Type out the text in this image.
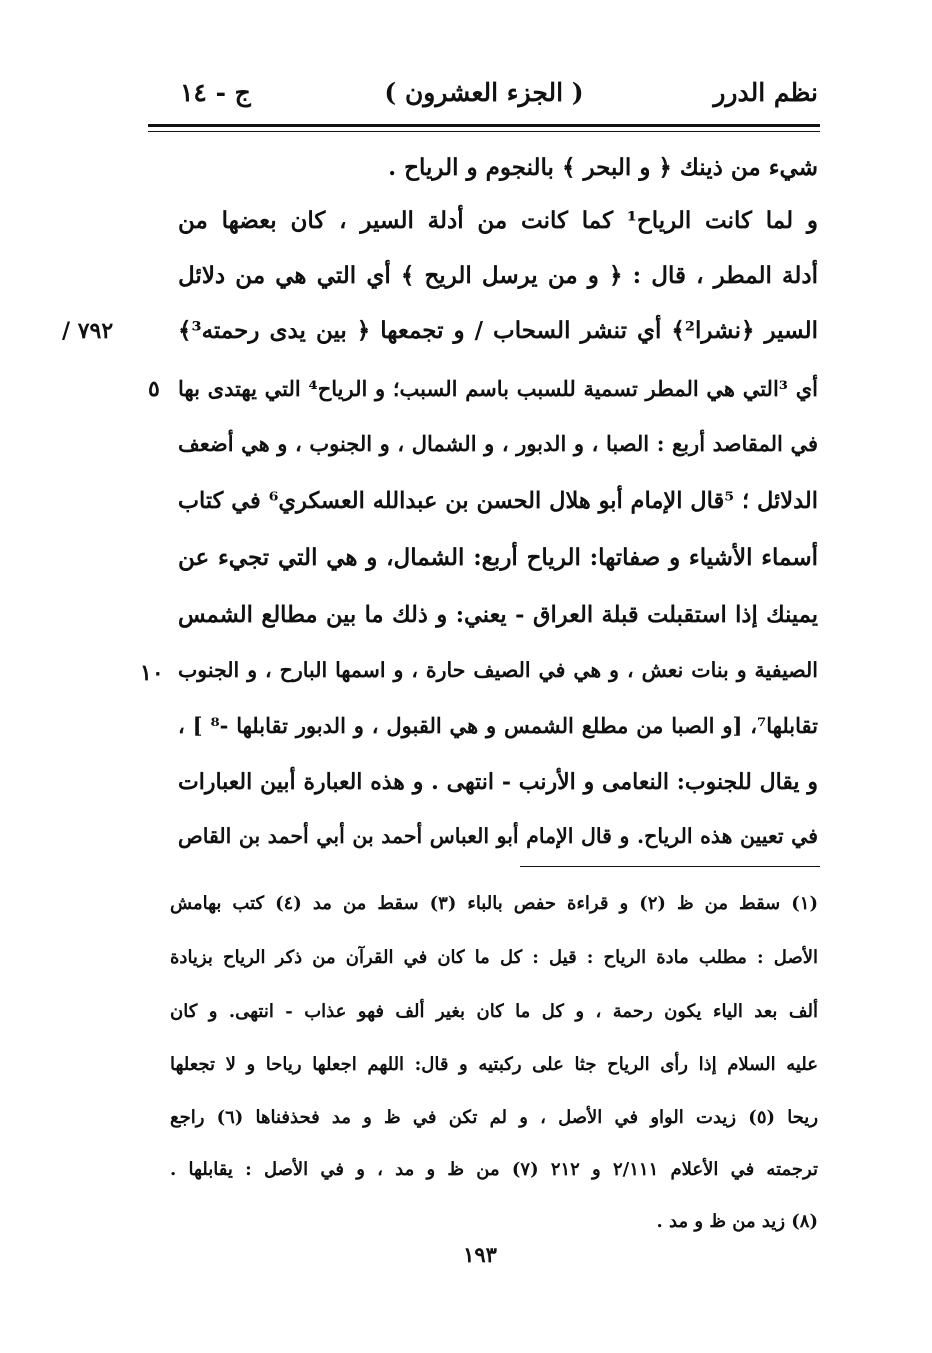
نظم الدرر
( الجزء العشرون )
ج - ١٤
شيء من ذينك ﴿ و البحر ﴾ بالنجوم و الرياح .
و لما كانت الرياح¹ كما كانت من أدلة السير ، كان بعضها من
أدلة المطر ، قال : ﴿ و من يرسل الريح ﴾ أي التي هي من دلائل
السير ﴿نشرا²﴾ أي تنشر السحاب / و تجمعها ﴿ بين يدى رحمته³﴾
أي ³التي هي المطر تسمية للسبب باسم السبب؛ و الرياح⁴ التي يهتدى بها
في المقاصد أربع : الصبا ، و الدبور ، و الشمال ، و الجنوب ، و هي أضعف
الدلائل ؛ ⁵قال الإمام أبو هلال الحسن بن عبدالله العسكري⁶ في كتاب
أسماء الأشياء و صفاتها: الرياح أربع: الشمال، و هي التي تجيء عن
يمينك إذا استقبلت قبلة العراق - يعني: و ذلك ما بين مطالع الشمس
الصيفية و بنات نعش ، و هي في الصيف حارة ، و اسمها البارح ، و الجنوب
تقابلها⁷، [و الصبا من مطلع الشمس و هي القبول ، و الدبور تقابلها -⁸ ] ،
و يقال للجنوب: النعامى و الأرنب - انتهى . و هذه العبارة أبين العبارات
في تعيين هذه الرياح. و قال الإمام أبو العباس أحمد بن أبي أحمد بن القاص
/ ٧٩٢
٥
١٠
(١) سقط من ظ (٢) و قراءة حفص بالباء (٣) سقط من مد (٤) كتب بهامش
الأصل : مطلب مادة الرياح : قيل : كل ما كان في القرآن من ذكر الرياح بزيادة
ألف بعد الياء يكون رحمة ، و كل ما كان بغير ألف فهو عذاب - انتهى. و كان
عليه السلام إذا رأى الرياح جثا على ركبتيه و قال: اللهم اجعلها رياحا و لا تجعلها
ريحا (٥) زيدت الواو في الأصل ، و لم تكن في ظ و مد فحذفناها (٦) راجع
ترجمته في الأعلام ٢/١١١ و ٢١٢ (٧) من ظ و مد ، و في الأصل : يقابلها .
(٨) زيد من ظ و مد .
١٩٣
